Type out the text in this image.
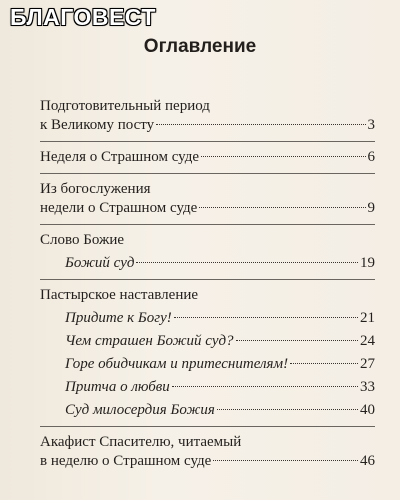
БЛАГОВЕСТ
Оглавление
Подготовительный период
к Великому посту	3
Неделя о Страшном суде	6
Из богослужения
недели о Страшном суде	9
Слово Божие
Божий суд	19
Пастырское наставление
Придите к Богу!	21
Чем страшен Божий суд?	24
Горе обидчикам и притеснителям!	27
Притча о любви	33
Суд милосердия Божия	40
Акафист Спасителю, читаемый
в неделю о Страшном суде	46
